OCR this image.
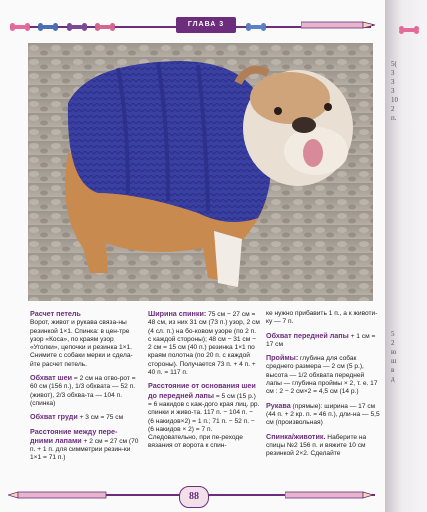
ГЛАВА 3

Расчет петель
Ворот, живот и рукава связа-ны резинкой 1×1. Спинка: в цен-тре узор «Коса», по краям узор «Уголки», цепочки и резинка 1×1. Снимите с собаки мерки и сдела-йте расчет петель.

Обхват шеи = 2 см на отво-рот = 60 см (156 п.), 1/3 обхвата — 52 п. (живот), 2/3 обхва-та — 104 п. (спинка)

Обхват груди + 3 см = 75 см

Расстояние между пере-дними лапами + 2 см = 27 см (70 п. + 1 п. для симметрии резин-ки 1×1 = 71 п.)

Ширина спинки: 75 см − 27 см = 48 см, из них 31 см (73 п.) узор, 2 см (4 сл. п.) на бо-ковом узоре (по 2 п. с каждой стороны); 48 см − 31 см − 2 см = 15 см (40 п.) резинка 1×1 по краям полотна (по 20 п. с каждой стороны). Получается 73 п. + 4 п. + 40 п. = 117 п.

Расстояние от основания шеи до передней лапы = 5 см (15 р.) = 6 накидов с каж-дого края лиц. рр. спинки и живо-та. 117 п. − 104 п. − (6 накидов×2) = 1 п.; 71 п. − 52 п. − (6 накидов × 2) = 7 п. Следовательно, при пе-реходе вязания от ворота к спин-

ке нужно прибавить 1 п., а к животи-ку — 7 п.

Обхват передней лапы + 1 см = 17 см

Проймы: глубина для собак среднего размера — 2 см (5 р.), высота — 1/2 обхвата передней лапы — глубина проймы × 2, т. е. 17 см : 2 − 2 см×2 = 4,5 см (14 р.)

Рукава (прямые): ширина — 17 см (44 п. + 2 кр. п. = 46 п.), дли-на — 5,5 см (произвольная)

Спинка/животик. Наберите на спицы №2 156 п. и вяжите 10 см резинкой 2×2. Сделайте

88
5(
3
3
3
10
2
п.
5
2
ю
ш
в
д
